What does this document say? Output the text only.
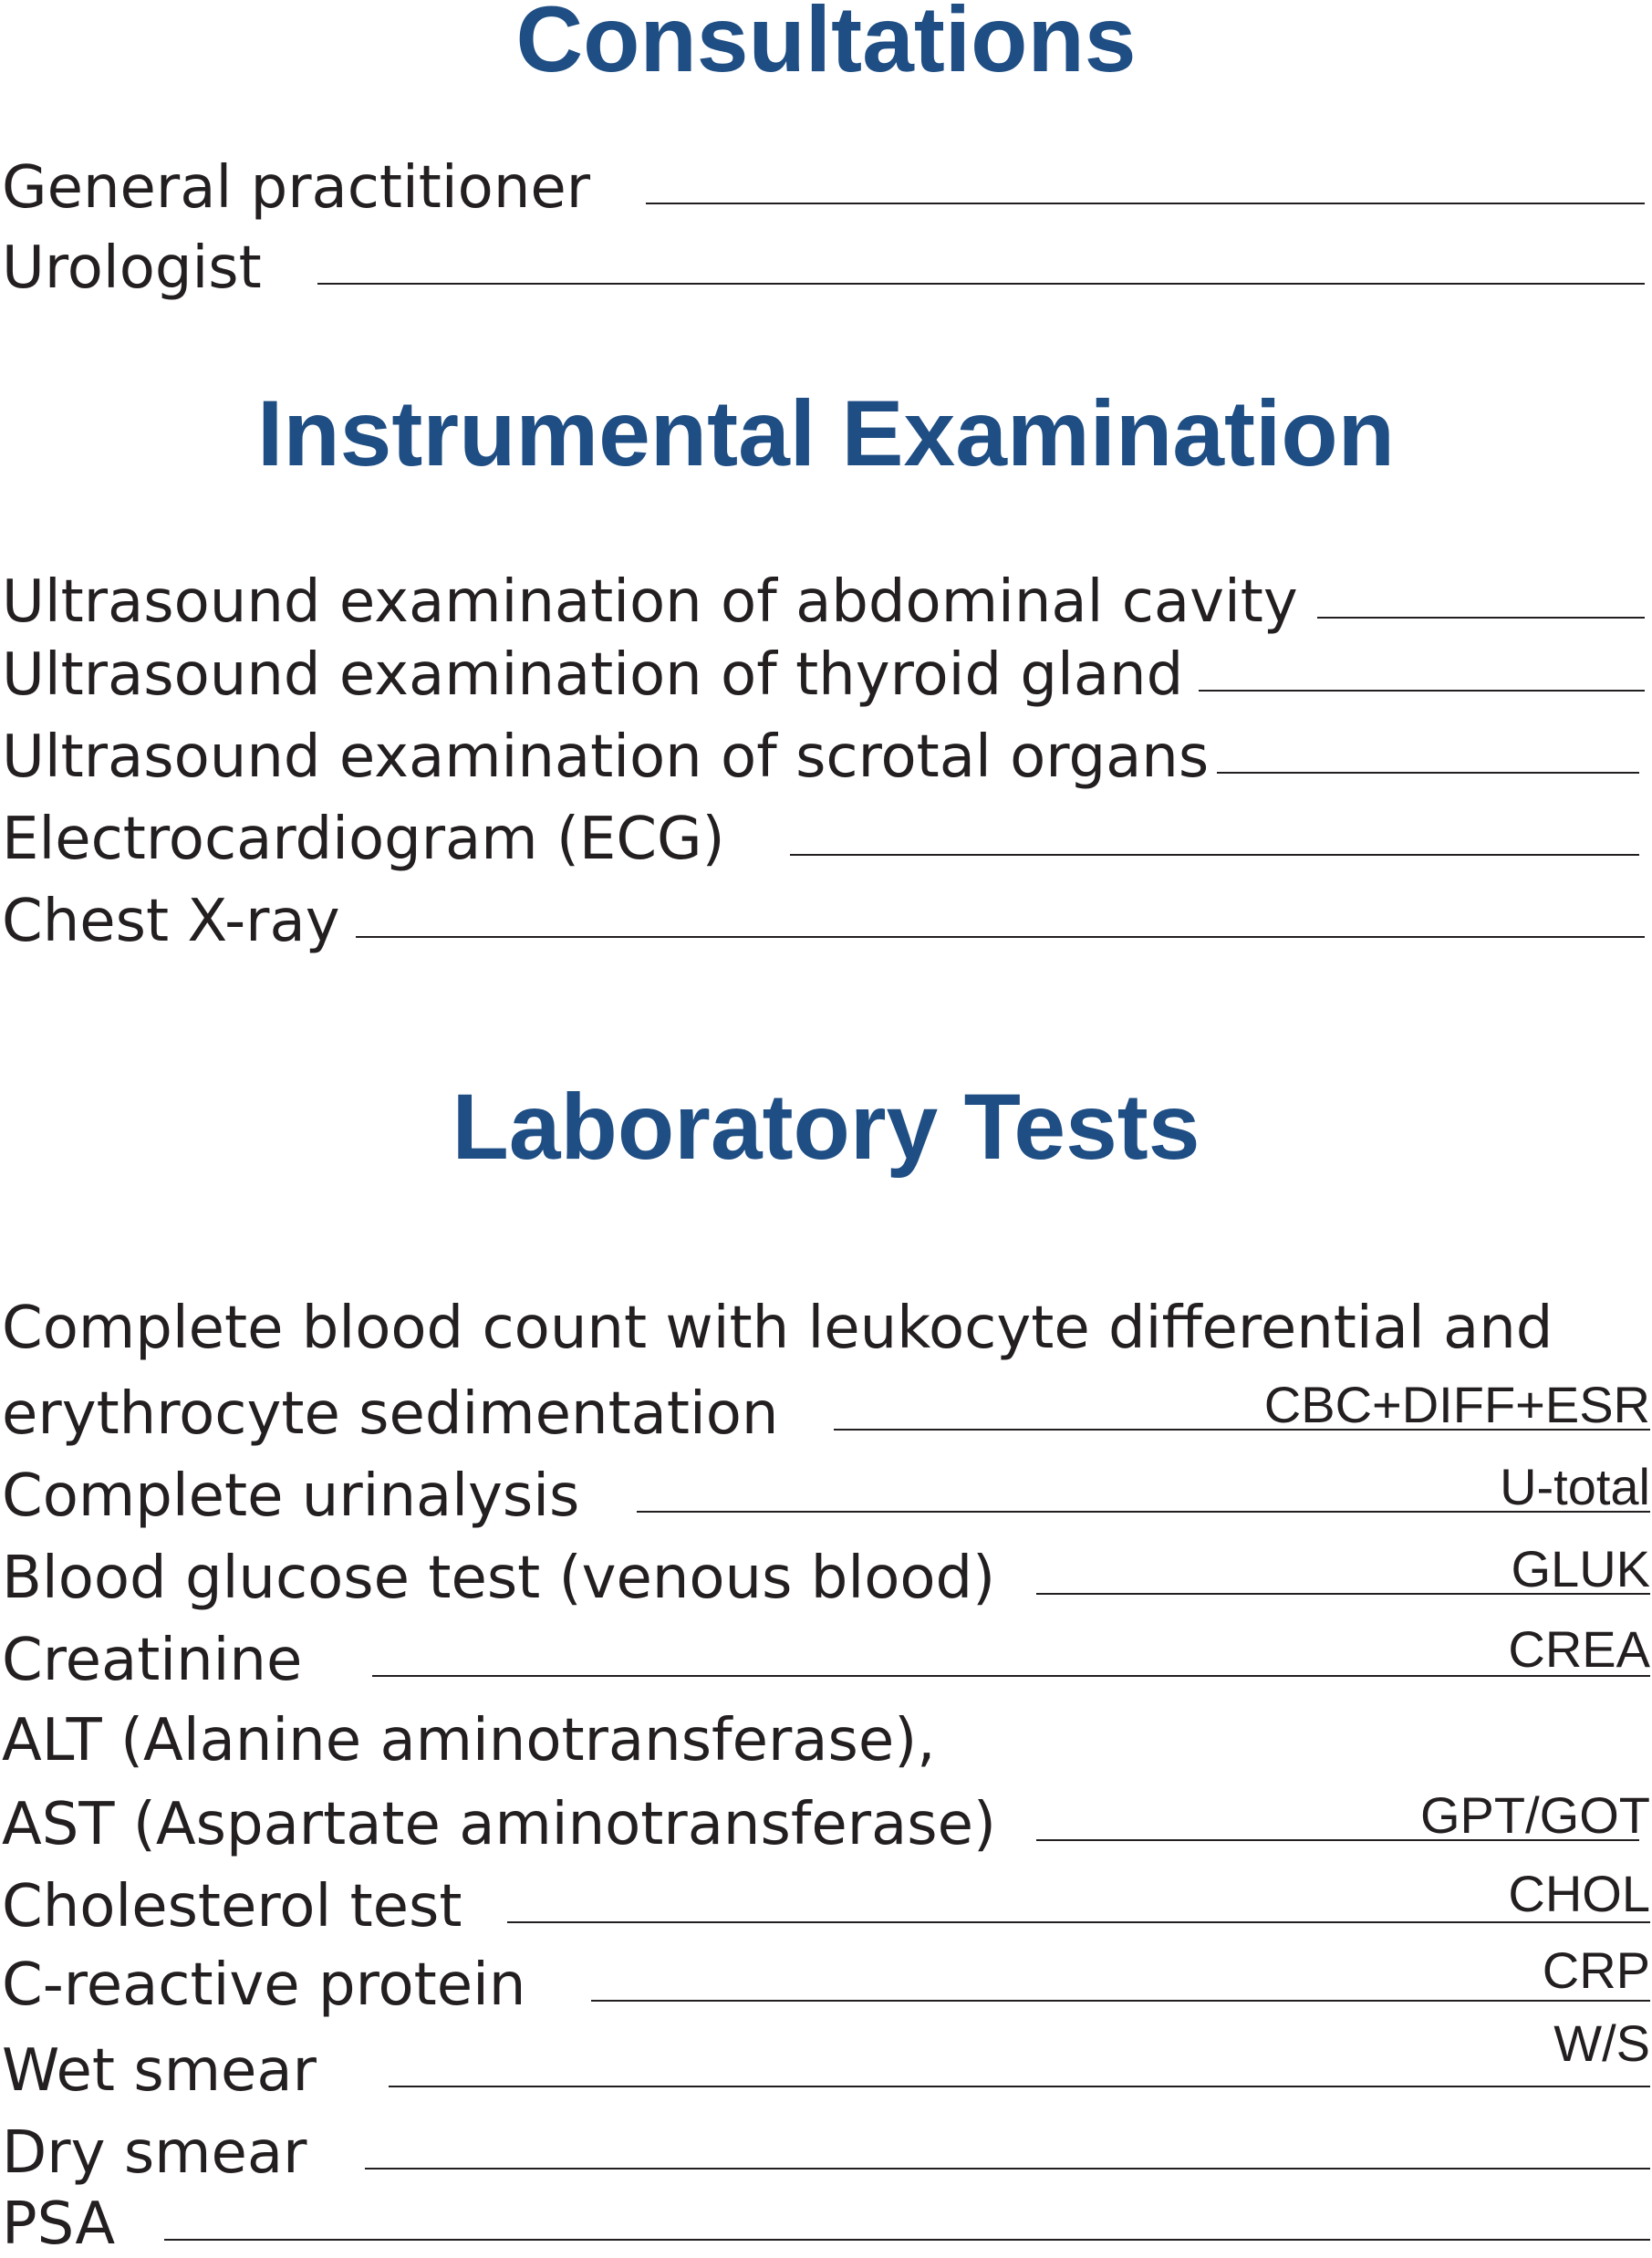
Consultations
General practitioner
Urologist
Instrumental Examination
Ultrasound examination of abdominal cavity
Ultrasound examination of thyroid gland
Ultrasound examination of scrotal organs
Electrocardiogram (ECG)
Chest X-ray
Laboratory Tests
Complete blood count with leukocyte differential and
erythrocyte sedimentation	CBC+DIFF+ESR
Complete urinalysis	U-total
Blood glucose test (venous blood)	GLUK
Creatinine	CREA
ALT (Alanine aminotransferase),
AST (Aspartate aminotransferase)	GPT/GOT
Cholesterol test	CHOL
C-reactive protein	CRP
Wet smear	W/S
Dry smear
PSA
